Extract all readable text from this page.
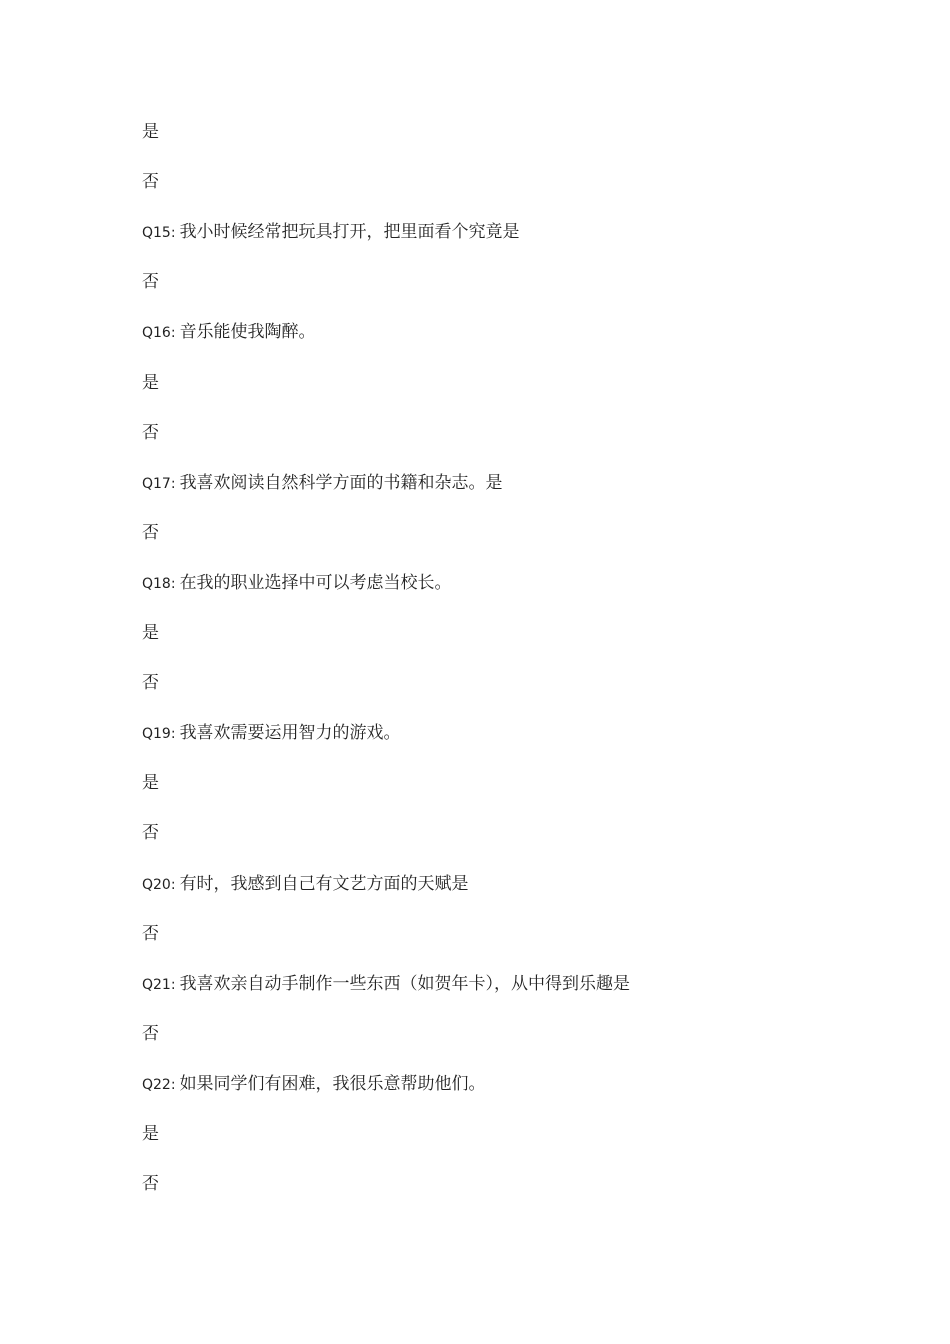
是
否
Q15: 我小时候经常把玩具打开，把里面看个究竟是
否
Q16: 音乐能使我陶醉。
是
否
Q17: 我喜欢阅读自然科学方面的书籍和杂志。是
否
Q18: 在我的职业选择中可以考虑当校长。
是
否
Q19: 我喜欢需要运用智力的游戏。
是
否
Q20: 有时，我感到自己有文艺方面的天赋是
否
Q21: 我喜欢亲自动手制作一些东西（如贺年卡），从中得到乐趣是
否
Q22: 如果同学们有困难，我很乐意帮助他们。
是
否
